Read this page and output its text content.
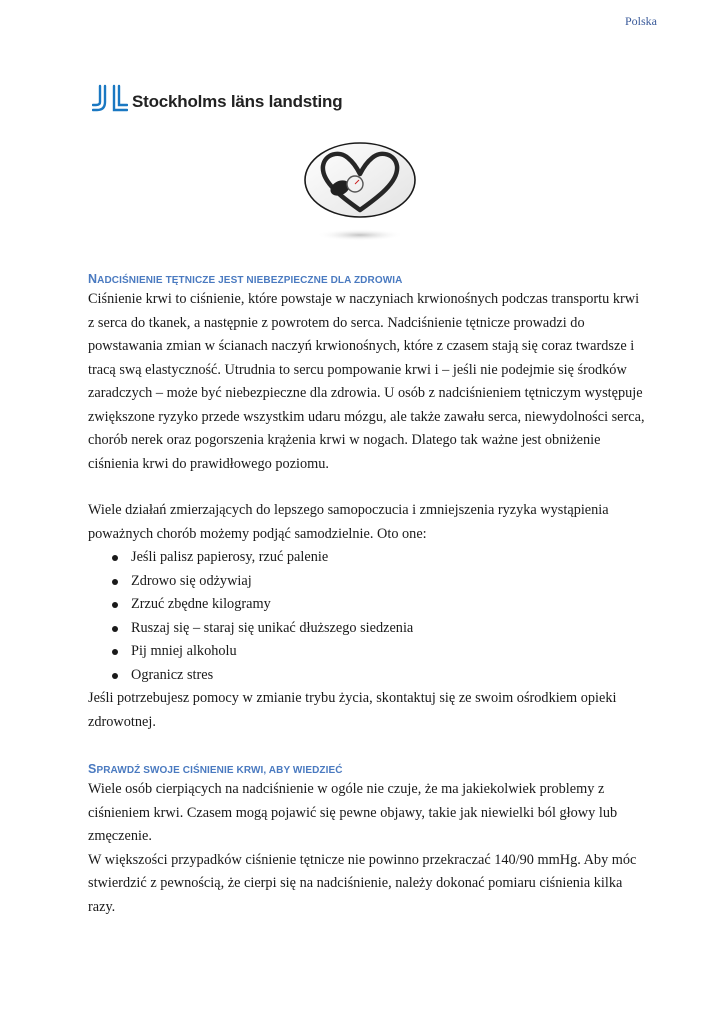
Polska
Stockholms läns landsting
NADCIŚNIENIE TĘTNICZE JEST NIEBEZPIECZNE DLA ZDROWIA

Ciśnienie krwi to ciśnienie, które powstaje w naczyniach krwionośnych podczas transportu krwi z serca do tkanek, a następnie z powrotem do serca. Nadciśnienie tętnicze prowadzi do powstawania zmian w ścianach naczyń krwionośnych, które z czasem stają się coraz twardsze i tracą swą elastyczność. Utrudnia to sercu pompowanie krwi i – jeśli nie podejmie się środków zaradczych – może być niebezpieczne dla zdrowia. U osób z nadciśnieniem tętniczym występuje zwiększone ryzyko przede wszystkim udaru mózgu, ale także zawału serca, niewydolności serca, chorób nerek oraz pogorszenia krążenia krwi w nogach. Dlatego tak ważne jest obniżenie ciśnienia krwi do prawidłowego poziomu.

Wiele działań zmierzających do lepszego samopoczucia i zmniejszenia ryzyka wystąpienia poważnych chorób możemy podjąć samodzielnie. Oto one:

Jeśli palisz papierosy, rzuć palenie
Zdrowo się odżywiaj
Zrzuć zbędne kilogramy
Ruszaj się – staraj się unikać dłuższego siedzenia
Pij mniej alkoholu
Ogranicz stres

Jeśli potrzebujesz pomocy w zmianie trybu życia, skontaktuj się ze swoim ośrodkiem opieki zdrowotnej.

SPRAWDŹ SWOJE CIŚNIENIE KRWI, ABY WIEDZIEĆ

Wiele osób cierpiących na nadciśnienie w ogóle nie czuje, że ma jakiekolwiek problemy z ciśnieniem krwi. Czasem mogą pojawić się pewne objawy, takie jak niewielki ból głowy lub zmęczenie.

W większości przypadków ciśnienie tętnicze nie powinno przekraczać 140/90 mmHg. Aby móc stwierdzić z pewnością, że cierpi się na nadciśnienie, należy dokonać pomiaru ciśnienia kilka razy.
